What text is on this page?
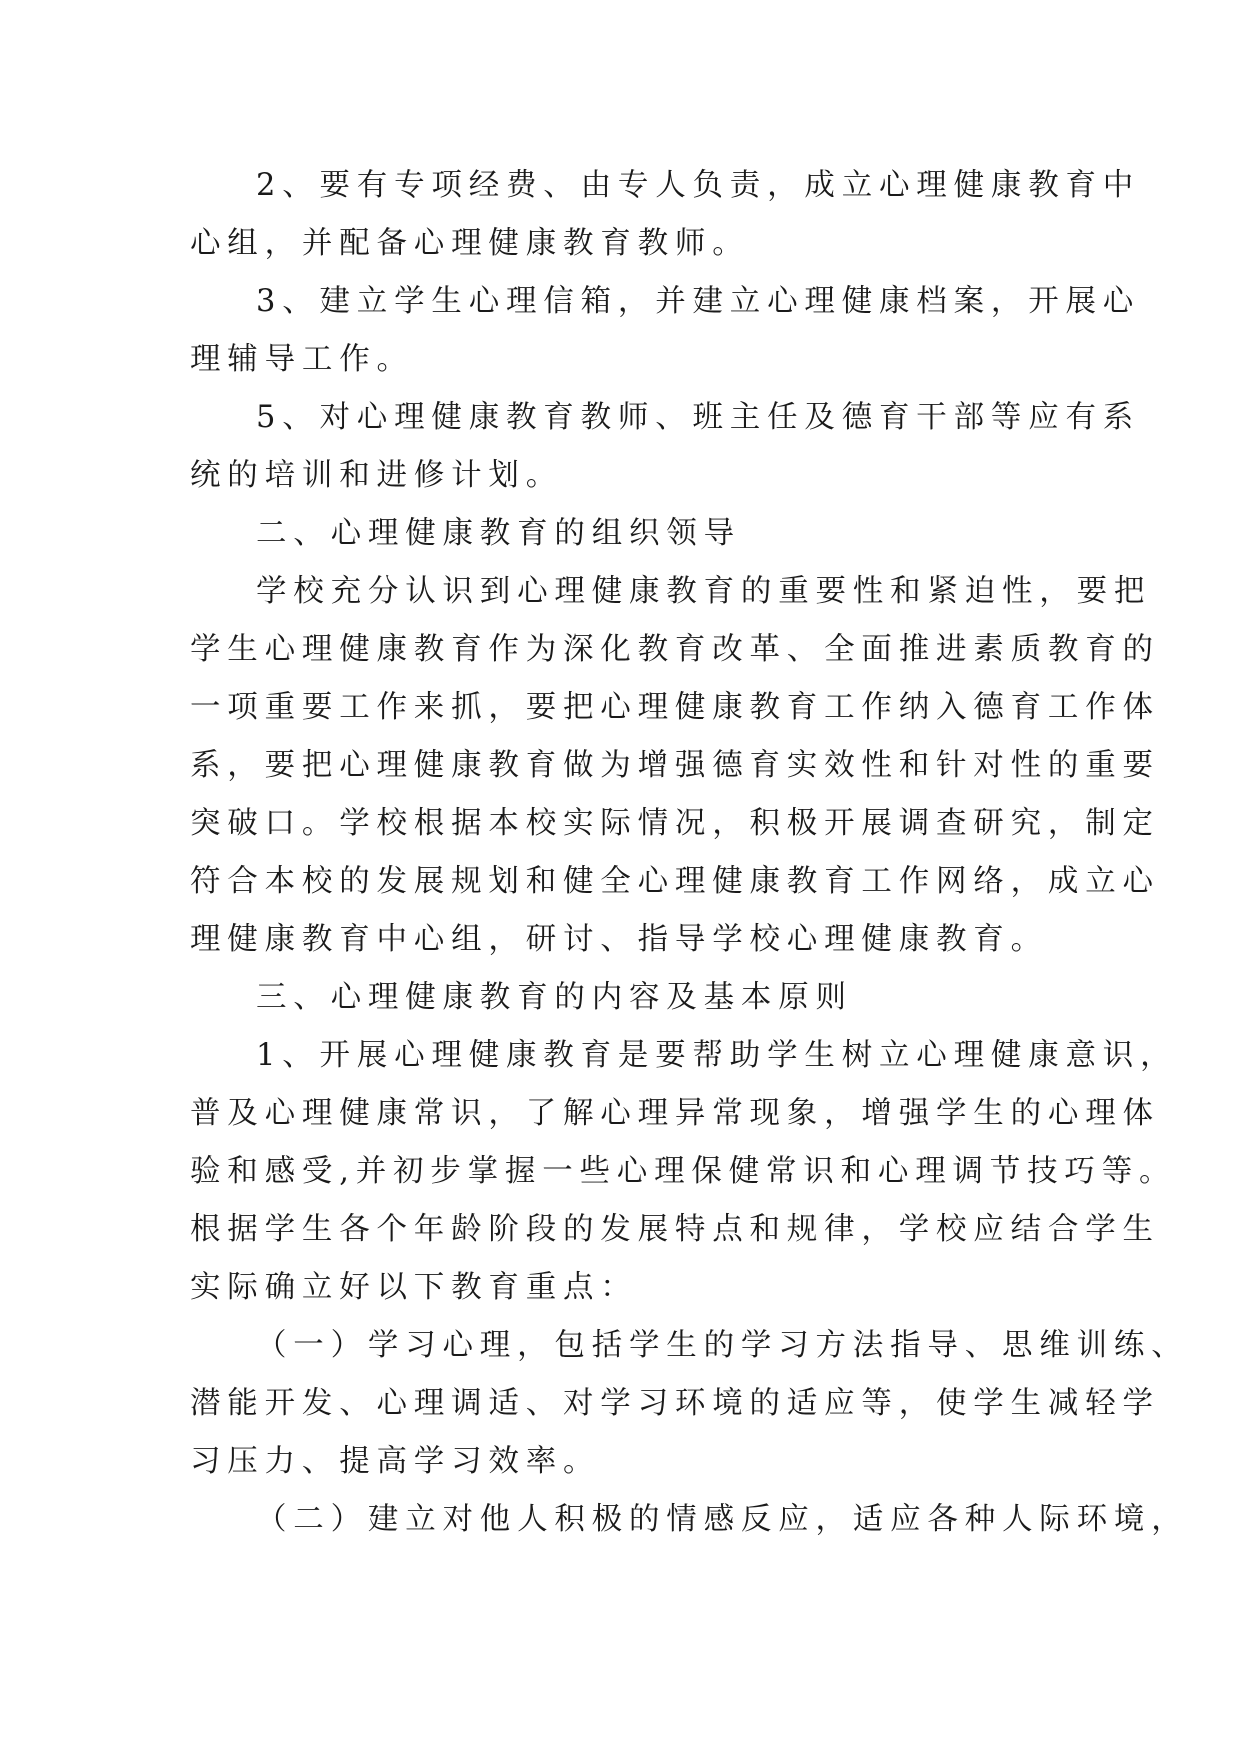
2、要有专项经费、由专人负责，成立心理健康教育中
心组，并配备心理健康教育教师。
3、建立学生心理信箱，并建立心理健康档案，开展心
理辅导工作。
5、对心理健康教育教师、班主任及德育干部等应有系
统的培训和进修计划。
二、心理健康教育的组织领导
学校充分认识到心理健康教育的重要性和紧迫性，要把
学生心理健康教育作为深化教育改革、全面推进素质教育的
一项重要工作来抓，要把心理健康教育工作纳入德育工作体
系，要把心理健康教育做为增强德育实效性和针对性的重要
突破口。学校根据本校实际情况，积极开展调查研究，制定
符合本校的发展规划和健全心理健康教育工作网络，成立心
理健康教育中心组，研讨、指导学校心理健康教育。
三、心理健康教育的内容及基本原则
1、开展心理健康教育是要帮助学生树立心理健康意识，
普及心理健康常识，了解心理异常现象，增强学生的心理体
验和感受,并初步掌握一些心理保健常识和心理调节技巧等。
根据学生各个年龄阶段的发展特点和规律，学校应结合学生
实际确立好以下教育重点：
（一）学习心理，包括学生的学习方法指导、思维训练、
潜能开发、心理调适、对学习环境的适应等，使学生减轻学
习压力、提高学习效率。
（二）建立对他人积极的情感反应，适应各种人际环境，
